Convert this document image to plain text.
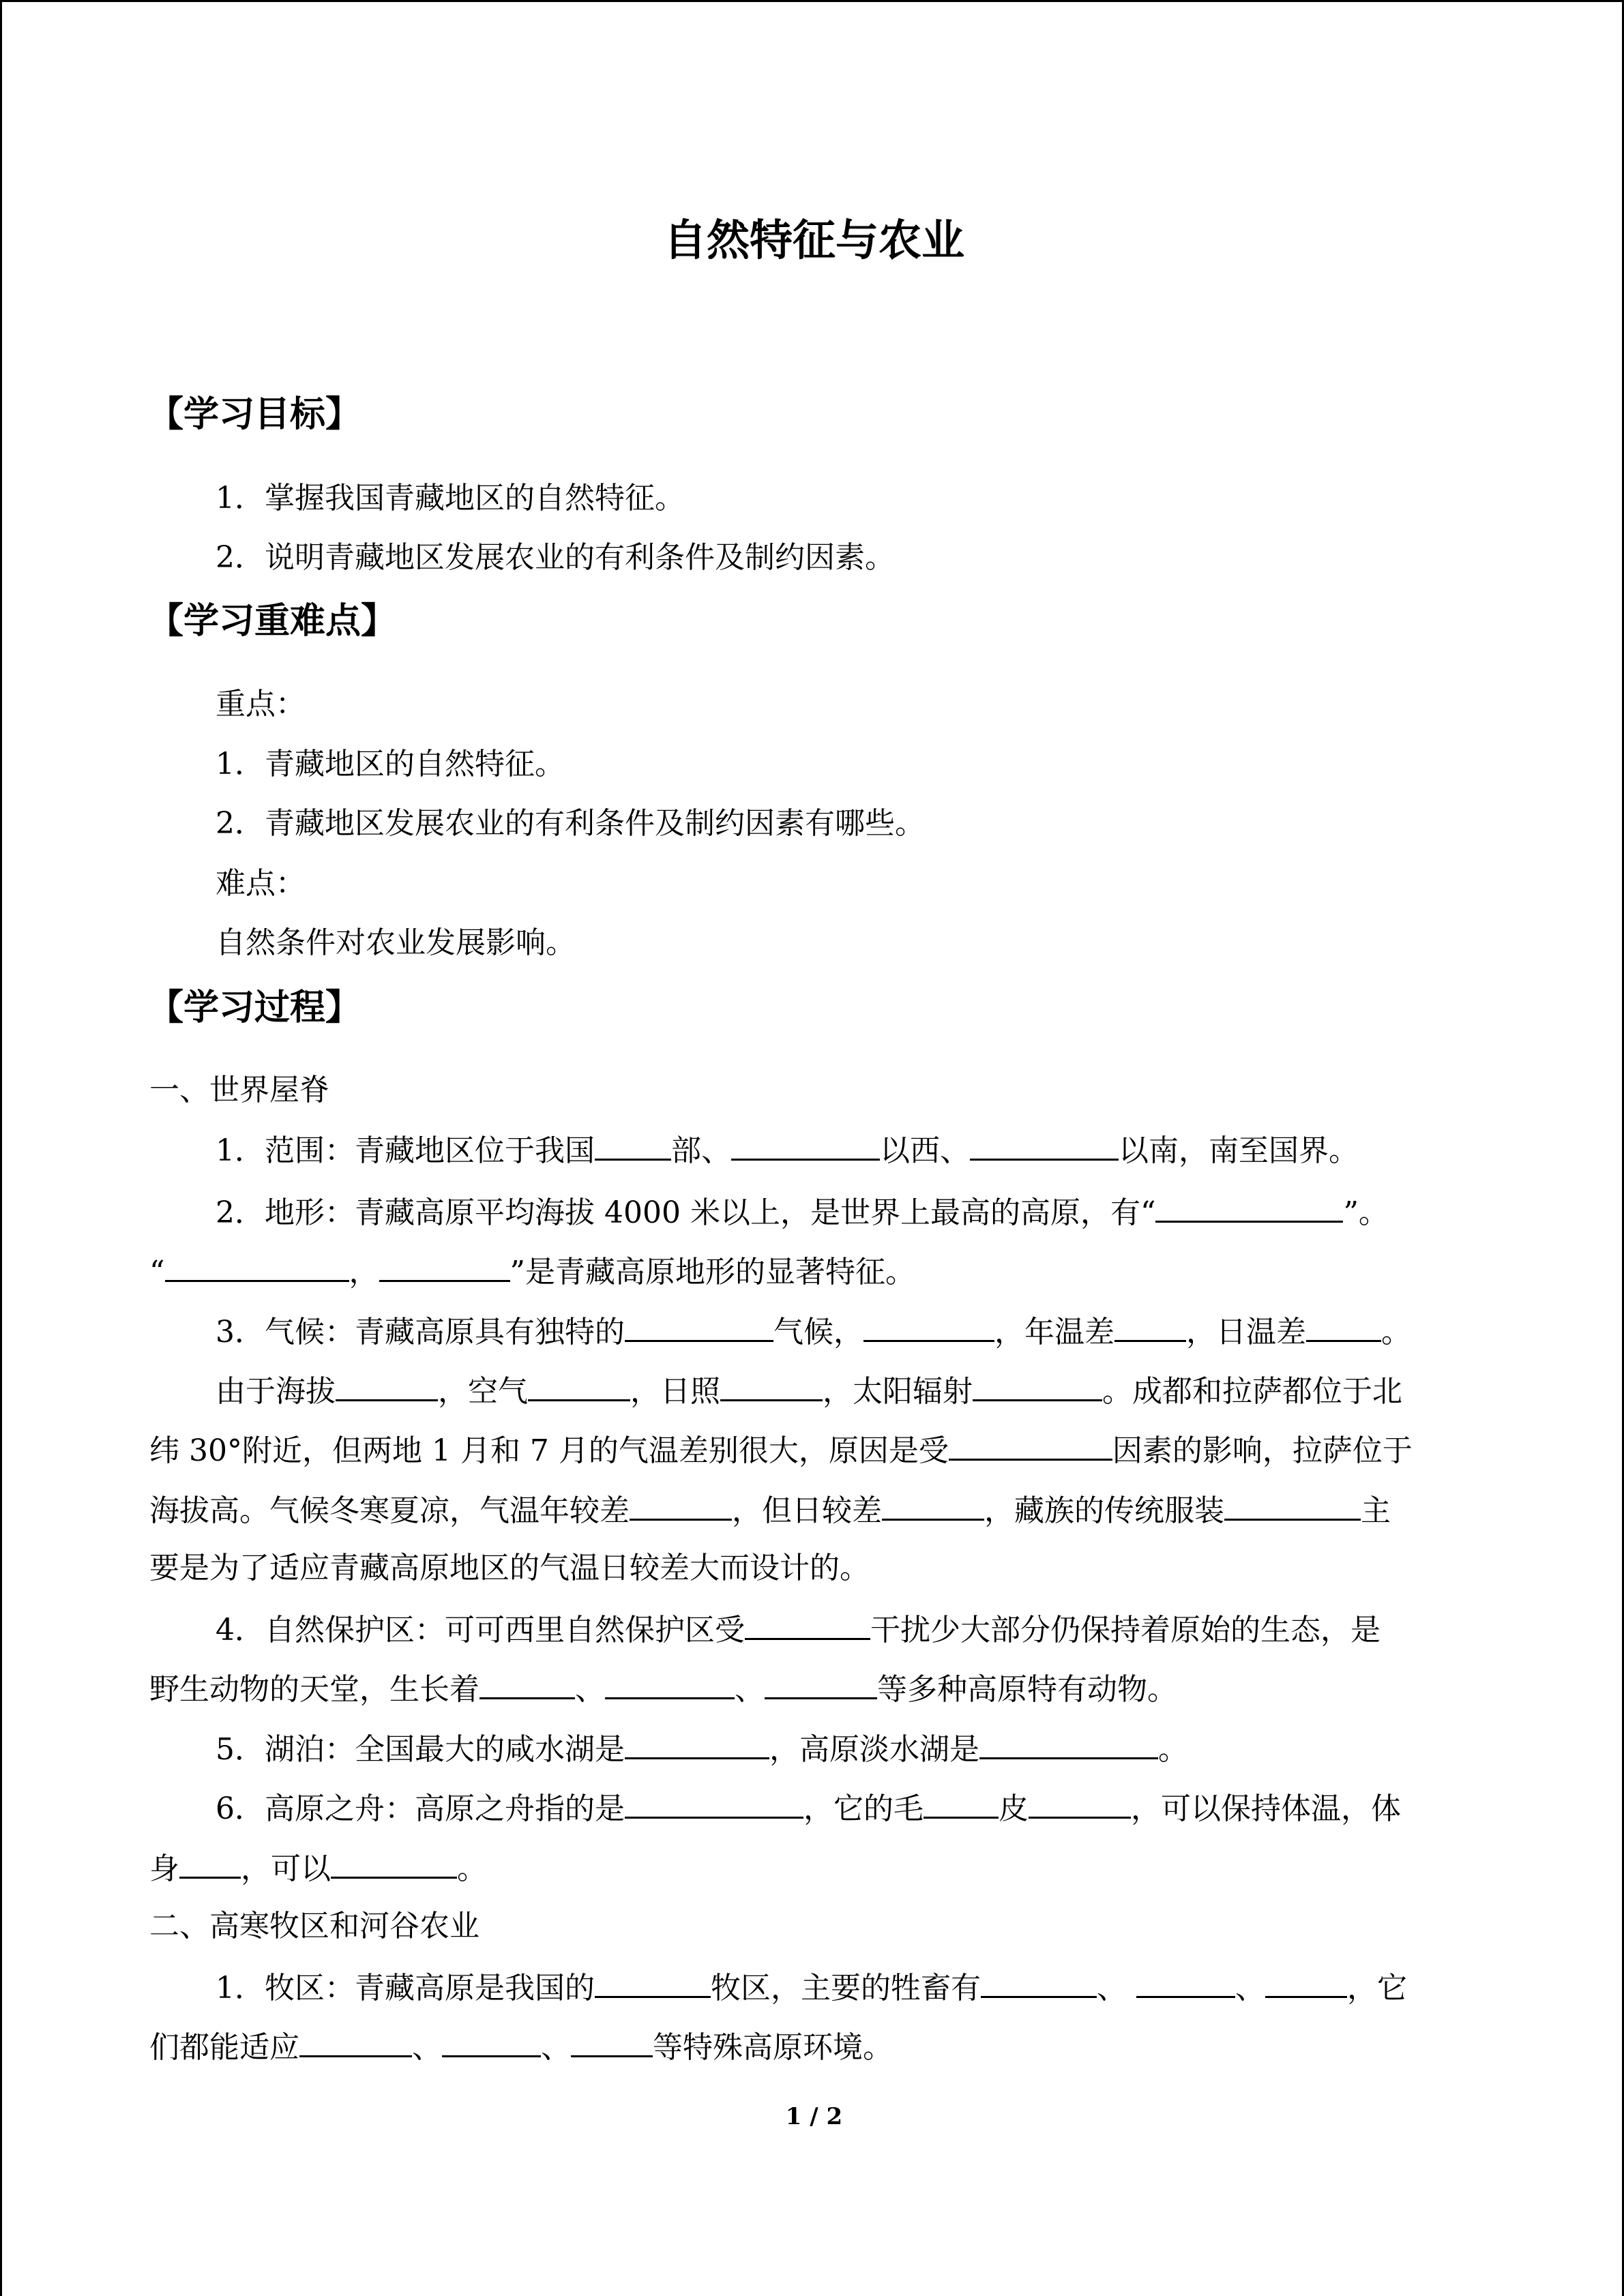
自然特征与农业
【学习目标】
1．掌握我国青藏地区的自然特征。
2．说明青藏地区发展农业的有利条件及制约因素。
【学习重难点】
重点：
1．青藏地区的自然特征。
2．青藏地区发展农业的有利条件及制约因素有哪些。
难点：
自然条件对农业发展影响。
【学习过程】
一、世界屋脊
1．范围：青藏地区位于我国	部、	以西、	以南，南至国界。
2．地形：青藏高原平均海拔 4000 米以上，是世界上最高的高原，有“	”。
“	，	”是青藏高原地形的显著特征。
3．气候：青藏高原具有独特的	气候，	，年温差 ，日温差	。
由于海拔	，空气	，日照	，太阳辐射	。成都和拉萨都位于北
纬 30°附近，但两地 1 月和 7 月的气温差别很大，原因是受	因素的影响，拉萨位于
海拔高。气候冬寒夏凉，气温年较差	，但日较差	，藏族的传统服装	主
要是为了适应青藏高原地区的气温日较差大而设计的。
4．自然保护区：可可西里自然保护区受	干扰少大部分仍保持着原始的生态，是
野生动物的天堂，生长着	、	、	等多种高原特有动物。
5．湖泊：全国最大的咸水湖是	，高原淡水湖是	。
6．高原之舟：高原之舟指的是	，它的毛	皮	，可以保持体温，体
身 ，可以	。
二、高寒牧区和河谷农业
1．牧区：青藏高原是我国的	牧区，主要的牲畜有	、	、	，它
们都能适应	、	、	等特殊高原环境。
1 / 2
